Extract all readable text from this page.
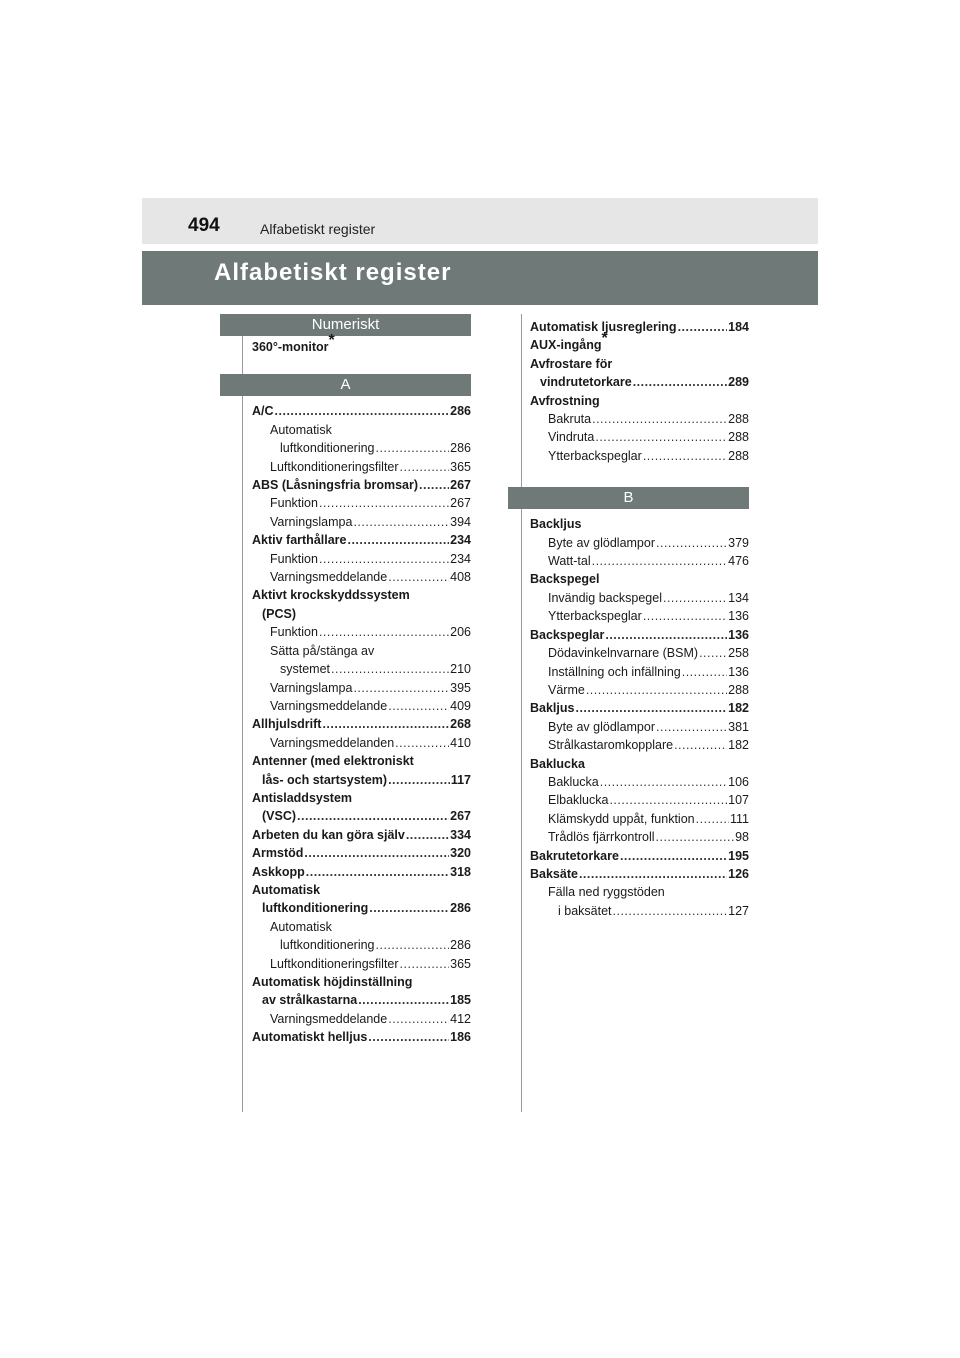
494	Alfabetiskt register
Alfabetiskt register
Numeriskt
360°-monitor*
A
A/C .....	286
Automatisk
luftkonditionering .....	286
Luftkonditioneringsfilter .....	365
ABS (Låsningsfria bromsar) .....	267
Funktion .....	267
Varningslampa .....	394
Aktiv farthållare .....	234
Funktion .....	234
Varningsmeddelande .....	408
Aktivt krockskyddssystem
(PCS)
Funktion .....	206
Sätta på/stänga av
systemet .....	210
Varningslampa .....	395
Varningsmeddelande .....	409
Allhjulsdrift .....	268
Varningsmeddelanden .....	410
Antenner (med elektroniskt
lås- och startsystem) .....	117
Antisladdsystem
(VSC) .....	267
Arbeten du kan göra själv .....	334
Armstöd .....	320
Askkopp .....	318
Automatisk
luftkonditionering .....	286
Automatisk
luftkonditionering .....	286
Luftkonditioneringsfilter .....	365
Automatisk höjdinställning
av strålkastarna .....	185
Varningsmeddelande .....	412
Automatiskt helljus .....	186
Automatisk ljusreglering .....	184
AUX-ingång*
Avfrostare för
vindrutetorkare .....	289
Avfrostning
Bakruta .....	288
Vindruta .....	288
Ytterbackspeglar .....	288
B
Backljus
Byte av glödlampor .....	379
Watt-tal .....	476
Backspegel
Invändig backspegel .....	134
Ytterbackspeglar .....	136
Backspeglar .....	136
Dödavinkelnvarnare (BSM) ..... 258
Inställning och infällning .....	136
Värme .....	288
Bakljus .....	182
Byte av glödlampor .....	381
Strålkastaromkopplare .....	182
Baklucka
Baklucka .....	106
Elbaklucka .....	107
Klämskydd uppåt, funktion .....	111
Trådlös fjärrkontroll .....	98
Bakrutetorkare .....	195
Baksäte .....	126
Fälla ned ryggstöden
i baksätet .....	127
